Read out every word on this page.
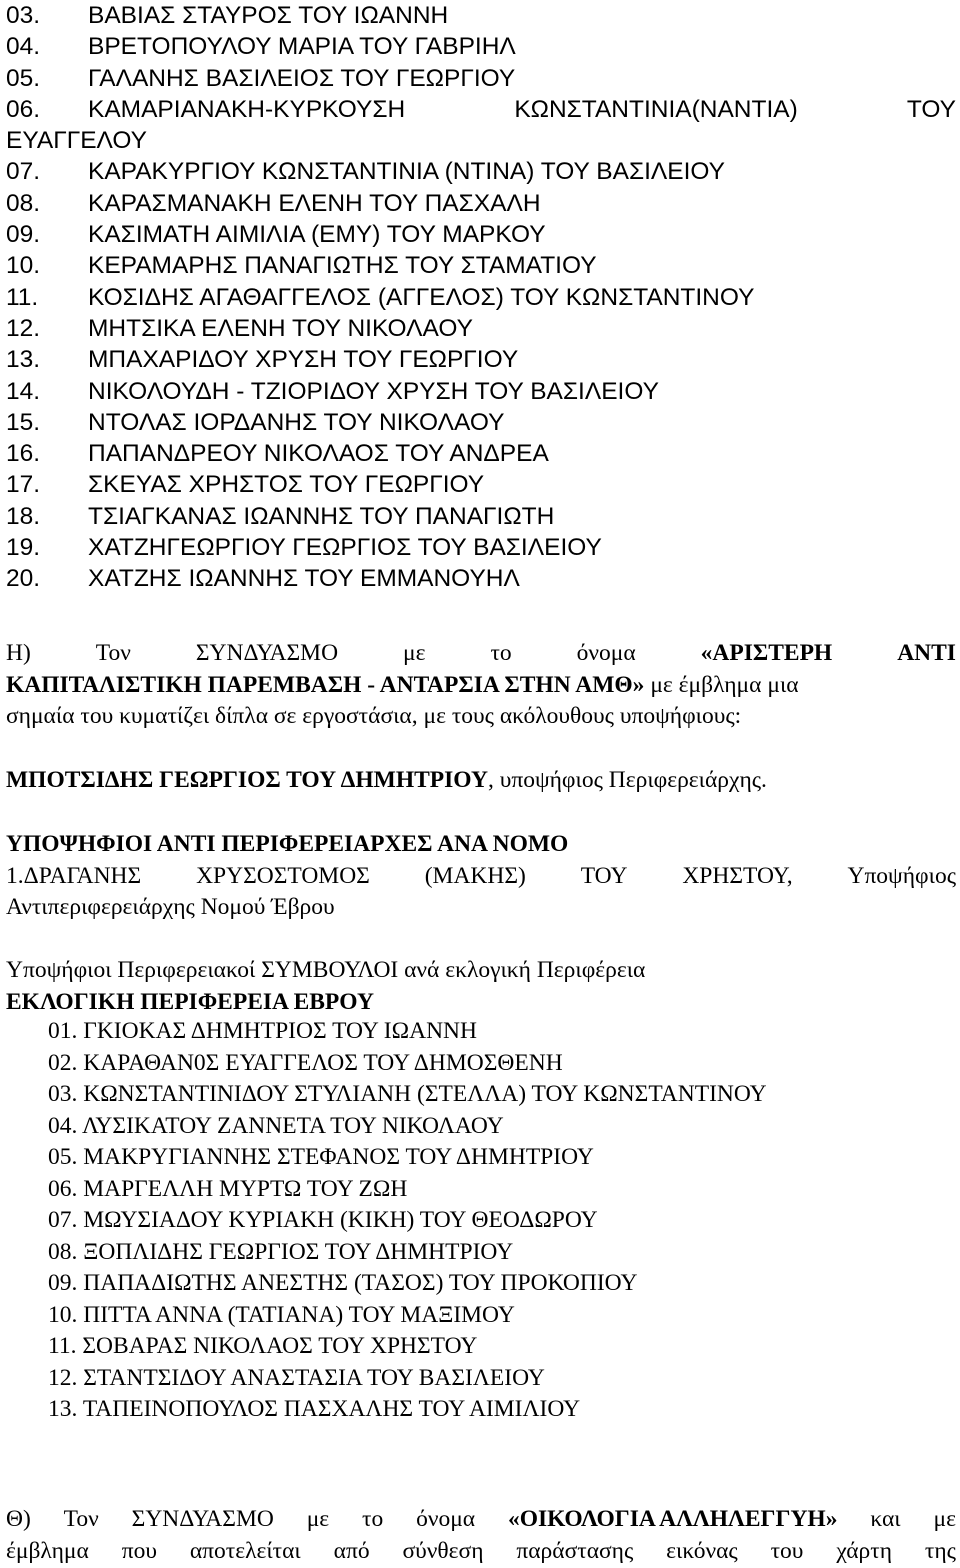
03.	ΒΑΒΙΑΣ ΣΤΑΥΡΟΣ ΤΟΥ ΙΩΑΝΝΗ
04.	ΒΡΕΤΟΠΟΥΛΟΥ ΜΑΡΙΑ ΤΟΥ ΓΑΒΡΙΗΛ
05.	ΓΑΛΑΝΗΣ ΒΑΣΙΛΕΙΟΣ ΤΟΥ ΓΕΩΡΓΙΟΥ
06.	ΚΑΜΑΡΙΑΝΑΚΗ-ΚΥΡΚΟΥΣΗ	ΚΩΝΣΤΑΝΤΙΝΙΑ(ΝΑΝΤΙΑ)	ΤΟΥ
ΕΥΑΓΓΕΛΟΥ
07.	ΚΑΡΑΚΥΡΓΙΟΥ ΚΩΝΣΤΑΝΤΙΝΙΑ (ΝΤΙΝΑ) ΤΟΥ ΒΑΣΙΛΕΙΟΥ
08.	ΚΑΡΑΣΜΑΝΑΚΗ ΕΛΕΝΗ ΤΟΥ ΠΑΣΧΑΛΗ
09.	ΚΑΣΙΜΑΤΗ ΑΙΜΙΛΙΑ (ΕΜΥ) ΤΟΥ ΜΑΡΚΟΥ
10.	ΚΕΡΑΜΑΡΗΣ ΠΑΝΑΓΙΩΤΗΣ ΤΟΥ ΣΤΑΜΑΤΙΟΥ
11.	ΚΟΣΙΔΗΣ ΑΓΑΘΑΓΓΕΛΟΣ (ΑΓΓΕΛΟΣ) ΤΟΥ ΚΩΝΣΤΑΝΤΙΝΟΥ
12.	ΜΗΤΣΙΚΑ ΕΛΕΝΗ ΤΟΥ ΝΙΚΟΛΑΟΥ
13.	ΜΠΑΧΑΡΙΔΟΥ ΧΡΥΣΗ ΤΟΥ ΓΕΩΡΓΙΟΥ
14.	ΝΙΚΟΛΟΥΔΗ - ΤΖΙΟΡΙΔΟΥ ΧΡΥΣΗ ΤΟΥ ΒΑΣΙΛΕΙΟΥ
15.	ΝΤΟΛΑΣ ΙΟΡΔΑΝΗΣ ΤΟΥ ΝΙΚΟΛΑΟΥ
16.	ΠΑΠΑΝΔΡΕΟΥ ΝΙΚΟΛΑΟΣ ΤΟΥ ΑΝΔΡΕΑ
17.	ΣΚΕΥΑΣ ΧΡΗΣΤΟΣ ΤΟΥ ΓΕΩΡΓΙΟΥ
18.	ΤΣΙΑΓΚΑΝΑΣ ΙΩΑΝΝΗΣ ΤΟΥ ΠΑΝΑΓΙΩΤΗ
19.	ΧΑΤΖΗΓΕΩΡΓΙΟΥ ΓΕΩΡΓΙΟΣ ΤΟΥ ΒΑΣΙΛΕΙΟΥ
20.	ΧΑΤΖΗΣ ΙΩΑΝΝΗΣ ΤΟΥ ΕΜΜΑΝΟΥΗΛ
Η)	Τον	ΣΥΝΔΥΑΣΜΟ	με	το	όνομα	«ΑΡΙΣΤΕΡΗ	ΑΝΤΙ
ΚΑΠΙΤΑΛΙΣΤΙΚΗ ΠΑΡΕΜΒΑΣΗ - ΑΝΤΑΡΣΙΑ ΣΤΗΝ ΑΜΘ» με έμβλημα μια
σημαία του κυματίζει δίπλα σε εργοστάσια, με τους ακόλουθους υποψήφιους:
ΜΠΟΤΣΙΔΗΣ ΓΕΩΡΓΙΟΣ ΤΟΥ ΔΗΜΗΤΡΙΟΥ, υποψήφιος Περιφερειάρχης.
ΥΠΟΨΗΦΙΟΙ ΑΝΤΙ ΠΕΡΙΦΕΡΕΙΑΡΧΕΣ ΑΝΑ ΝΟΜΟ
1.ΔΡΑΓΑΝΗΣ ΧΡΥΣΟΣΤΟΜΟΣ (ΜΑΚΗΣ) ΤΟΥ ΧΡΗΣΤΟΥ, Υποψήφιος
Αντιπεριφερειάρχης Νομού Έβρου
Υποψήφιοι Περιφερειακοί ΣΥΜΒΟΥΛΟΙ ανά εκλογική Περιφέρεια
ΕΚΛΟΓΙΚΗ ΠΕΡΙΦΕΡΕΙΑ ΕΒΡΟΥ
01. ΓΚΙΟΚΑΣ ΔΗΜΗΤΡΙΟΣ ΤΟΥ ΙΩΑΝΝΗ
02. ΚΑΡΑΘΑΝ0Σ ΕΥΑΓΓΕΛΟΣ ΤΟΥ ΔΗΜΟΣΘΕΝΗ
03. ΚΩΝΣΤΑΝΤΙΝΙΔΟΥ ΣΤΥΛΙΑΝΗ (ΣΤΕΛΛΑ) ΤΟΥ ΚΩΝΣΤΑΝΤΙΝΟΥ
04. ΛΥΣΙΚΑΤΟΥ ΖΑΝΝΕΤΑ ΤΟΥ ΝΙΚΟΛΑΟΥ
05. ΜΑΚΡΥΓΙΑΝΝΗΣ ΣΤΕΦΑΝΟΣ ΤΟΥ ΔΗΜΗΤΡΙΟΥ
06. ΜΑΡΓΕΛΛΗ ΜΥΡΤΩ ΤΟΥ ΖΩΗ
07. ΜΩΥΣΙΑΔΟΥ ΚΥΡΙΑΚΗ (ΚΙΚΗ) ΤΟΥ ΘΕΟΔΩΡΟΥ
08. ΞΟΠΛΙΔΗΣ ΓΕΩΡΓΙΟΣ ΤΟΥ ΔΗΜΗΤΡΙΟΥ
09. ΠΑΠΑΔΙΩΤΗΣ ΑΝΕΣΤΗΣ (ΤΑΣΟΣ) ΤΟΥ ΠΡΟΚΟΠΙΟΥ
10. ΠΙΤΤΑ ΑΝΝΑ (ΤΑΤΙΑΝΑ) ΤΟΥ ΜΑΞΙΜΟΥ
11. ΣΟΒΑΡΑΣ ΝΙΚΟΛΑΟΣ ΤΟΥ ΧΡΗΣΤΟΥ
12. ΣΤΑΝΤΣΙΔΟΥ ΑΝΑΣΤΑΣΙΑ ΤΟΥ ΒΑΣΙΛΕΙΟΥ
13. ΤΑΠΕΙΝΟΠΟΥΛΟΣ ΠΑΣΧΑΛΗΣ ΤΟΥ ΑΙΜΙΛΙΟΥ
Θ) Τον ΣΥΝΔΥΑΣΜΟ με το όνομα «ΟΙΚΟΛΟΓΙΑ ΑΛΛΗΛΕΓΓΥΗ» και με
έμβλημα που αποτελείται από σύνθεση παράστασης εικόνας του χάρτη της
